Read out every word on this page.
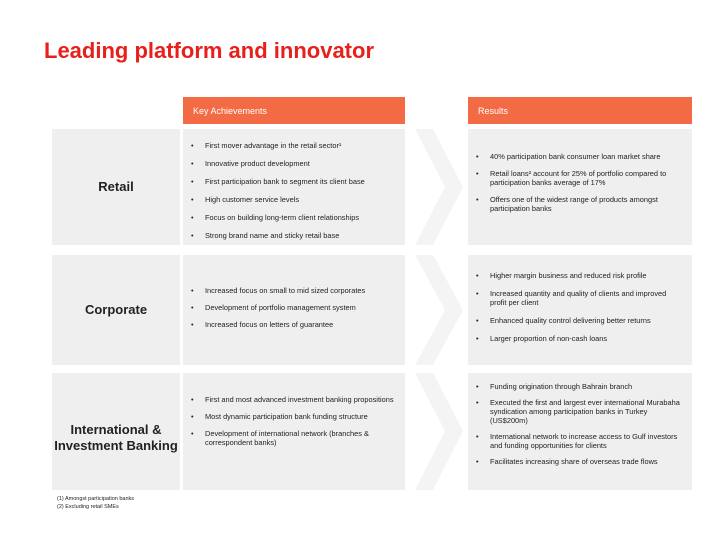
Leading platform and innovator
Key Achievements	Results
Retail
• First mover advantage in the retail sector¹
• Innovative product development
• First participation bank to segment its client base
• High customer service levels
• Focus on building long-term client relationships
• Strong brand name and sticky retail base
• 40% participation bank consumer loan market share
• Retail loans² account for 25% of portfolio compared to participation banks average of 17%
• Offers one of the widest range of products amongst participation banks
Corporate
• Increased focus on small to mid sized corporates
• Development of portfolio management system
• Increased focus on letters of guarantee
• Higher margin business and reduced risk profile
• Increased quantity and quality of clients and improved profit per client
• Enhanced quality control delivering better returns
• Larger proportion of non-cash loans
International & Investment Banking
• First and most advanced investment banking propositions
• Most dynamic participation bank funding structure
• Development of international network (branches & correspondent banks)
• Funding origination through Bahrain branch
• Executed the first and largest ever international Murabaha syndication among participation banks in Turkey (US$200m)
• International network to increase access to Gulf investors and funding opportunities for clients
• Facilitates increasing share of overseas trade flows
(1) Amongst participation banks
(2) Excluding retail SMEs
